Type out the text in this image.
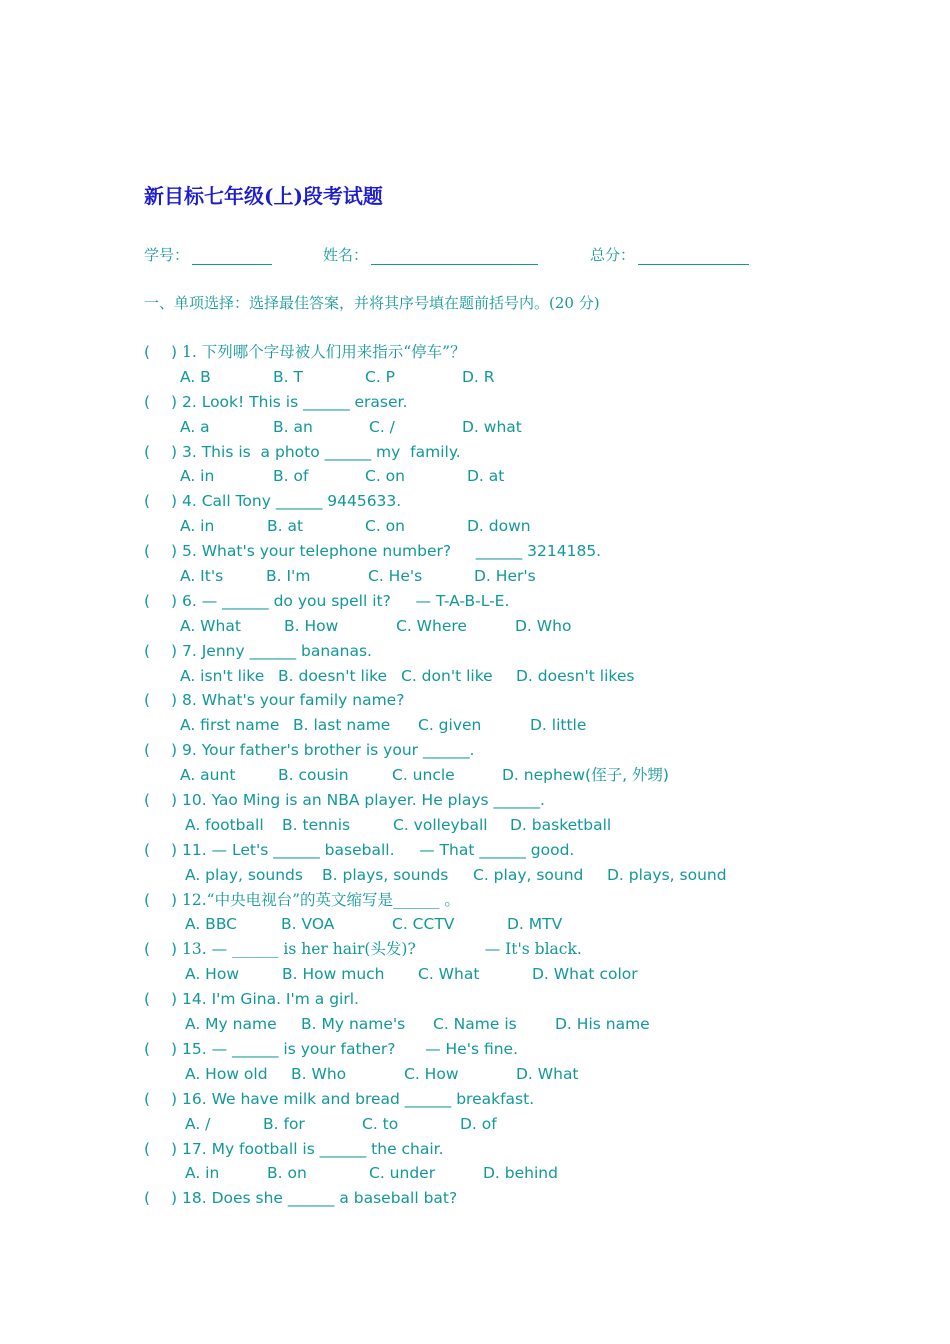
新目标七年级(上)段考试题
学号：	姓名：	总分：
一、单项选择：选择最佳答案，并将其序号填在题前括号内。(20 分)
( ) 1. 下列哪个字母被人们用来指示“停车”？
A. B	B. T	C. P	D. R
( ) 2. Look! This is ______ eraser.
A. a	B. an	C. /	D. what
( ) 3. This is  a photo ______ my  family.
A. in	B. of	C. on	D. at
( ) 4. Call Tony ______ 9445633.
A. in	B. at	C. on	D. down
( ) 5. What's your telephone number?     ______ 3214185.
A. It's	B. I'm	C. He's	D. Her's
( ) 6. — ______ do you spell it?     — T-A-B-L-E.
A. What	B. How	C. Where	D. Who
( ) 7. Jenny ______ bananas.
A. isn't like B. doesn't like C. don't like D. doesn't likes
( ) 8. What's your family name?
A. first name B. last name C. given	D. little
( ) 9. Your father's brother is your ______.
A. aunt	B. cousin	C. uncle	D. nephew(侄子, 外甥)
( ) 10. Yao Ming is an NBA player. He plays ______.
A. football B. tennis	C. volleyball D. basketball
( ) 11. — Let's ______ baseball.     — That ______ good.
A. play, sounds B. plays, sounds C. play, sound D. plays, sound
( ) 12.“中央电视台”的英文缩写是______ 。
A. BBC	B. VOA	C. CCTV	D. MTV
( ) 13. — ______ is her hair(头发)?              — It's black.
A. How	B. How much C. What	D. What color
( ) 14. I'm Gina. I'm a girl.
A. My name B. My name's C. Name is D. His name
( ) 15. — ______ is your father?      — He's fine.
A. How old B. Who	C. How	D. What
( ) 16. We have milk and bread ______ breakfast.
A. /	B. for	C. to	D. of
( ) 17. My football is ______ the chair.
A. in	B. on	C. under	D. behind
( ) 18. Does she ______ a baseball bat?
